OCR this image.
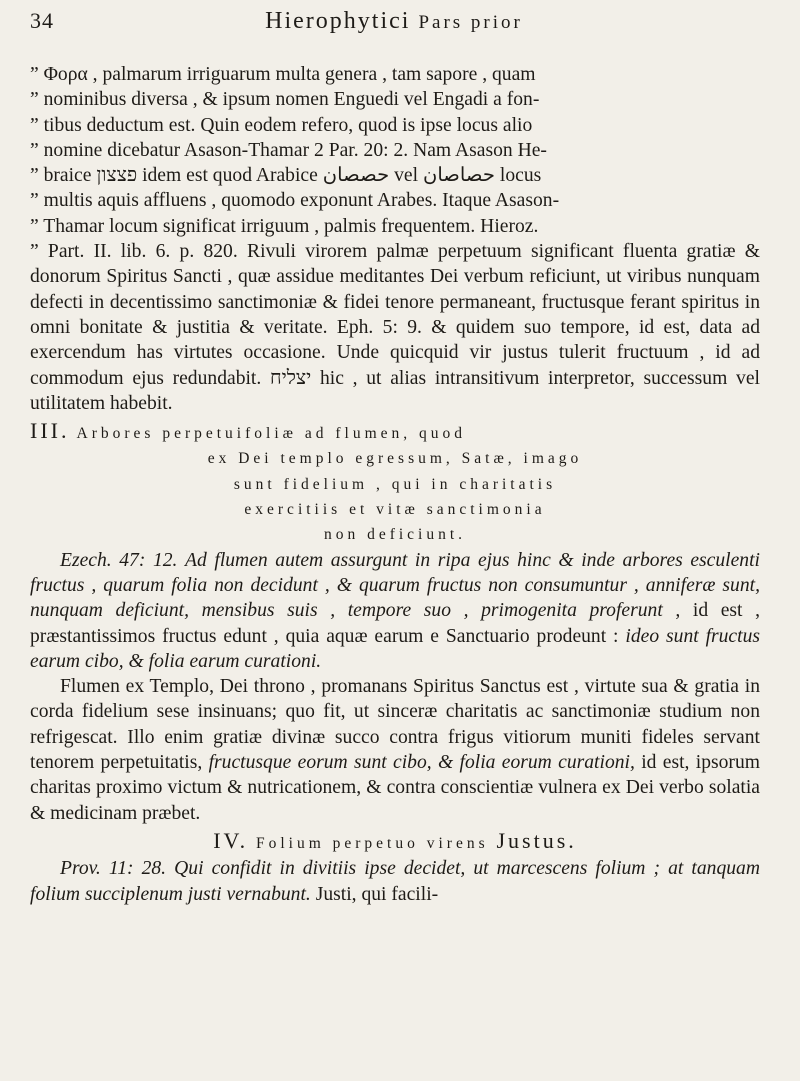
34	Hierophytici Pars prior

” Φoρα , palmarum irriguarum multa genera , tam sapore , quam

” nominibus diversa , & ipsum nomen Enguedi vel Engadi a fon-

” tibus deductum est. Quin eodem refero, quod is ipse locus alio

” nomine dicebatur Asason-Thamar 2 Par. 20: 2. Nam Asason He-

” braice פצצון idem est quod Arabice حصصان vel حصاصان locus

” multis aquis affluens , quomodo exponunt Arabes. Itaque Asason-

” Thamar locum significat irriguum , palmis frequentem. Hieroz.

” Part. II. lib. 6. p. 820. Rivuli virorem palmæ perpetuum significant fluenta gratiæ & donorum Spiritus Sancti , quæ assidue meditantes Dei verbum reficiunt, ut viribus nunquam defecti in decentissimo sanctimoniæ & fidei tenore permaneant, fructusque ferant spiritus in omni bonitate & justitia & veritate. Eph. 5: 9. & quidem suo tempore, id est, data ad exercendum has virtutes occasione. Unde quicquid vir justus tulerit fructuum , id ad commodum ejus redundabit. יצליח hic , ut alias intransitivum interpretor, successum vel utilitatem habebit.

III. Arbores perpetuifoliæ ad flumen, quod

ex Dei templo egressum, Satæ, imago

sunt fidelium , qui in charitatis

exercitiis et vitæ sanctimonia

non deficiunt.

Ezech. 47: 12. Ad flumen autem assurgunt in ripa ejus hinc & inde arbores esculenti fructus , quarum folia non decidunt , & quarum fructus non consumuntur , anniferæ sunt, nunquam deficiunt, mensibus suis , tempore suo , primogenita proferunt , id est , præstantissimos fructus edunt , quia aquæ earum e Sanctuario prodeunt : ideo sunt fructus earum cibo, & folia earum curationi.

Flumen ex Templo, Dei throno , promanans Spiritus Sanctus est , virtute sua & gratia in corda fidelium sese insinuans; quo fit, ut sinceræ charitatis ac sanctimoniæ studium non refrigescat. Illo enim gratiæ divinæ succo contra frigus vitiorum muniti fideles servant tenorem perpetuitatis, fructusque eorum sunt cibo, & folia eorum curationi, id est, ipsorum charitas proximo victum & nutricationem, & contra conscientiæ vulnera ex Dei verbo solatia & medicinam præbet.

IV. Folium perpetuo virens Justus.

Prov. 11: 28. Qui confidit in divitiis ipse decidet, ut marcescens folium ; at tanquam folium succiplenum justi vernabunt. Justi, qui facili-
